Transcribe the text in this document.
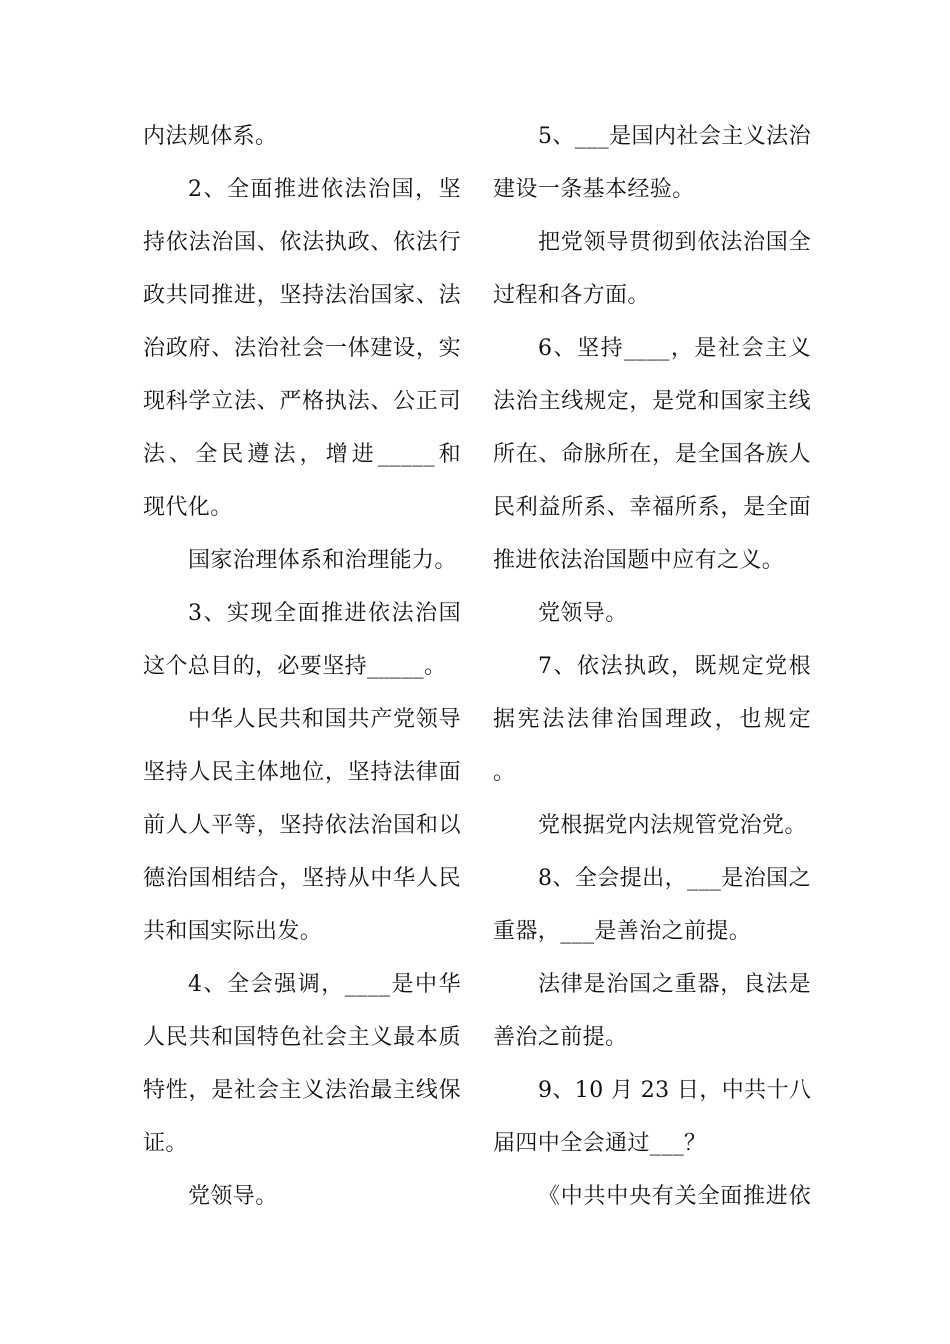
内法规体系。
2、全面推进依法治国，坚
持依法治国、依法执政、依法行
政共同推进，坚持法治国家、法
治政府、法治社会一体建设，实
现科学立法、严格执法、公正司
法、全民遵法，增进_____和
现代化。
国家治理体系和治理能力。
3、实现全面推进依法治国
这个总目的，必要坚持_____。
中华人民共和国共产党领导
坚持人民主体地位，坚持法律面
前人人平等，坚持依法治国和以
德治国相结合，坚持从中华人民
共和国实际出发。
4、全会强调，____是中华
人民共和国特色社会主义最本质
特性，是社会主义法治最主线保
证。
党领导。
5、___是国内社会主义法治
建设一条基本经验。
把党领导贯彻到依法治国全
过程和各方面。
6、坚持____，是社会主义
法治主线规定，是党和国家主线
所在、命脉所在，是全国各族人
民利益所系、幸福所系，是全面
推进依法治国题中应有之义。
党领导。
7、依法执政，既规定党根
据宪法法律治国理政，也规定
。
党根据党内法规管党治党。
8、全会提出，___是治国之
重器，___是善治之前提。
法律是治国之重器，良法是
善治之前提。
9、10 月 23 日，中共十八
届四中全会通过___？
《中共中央有关全面推进依
